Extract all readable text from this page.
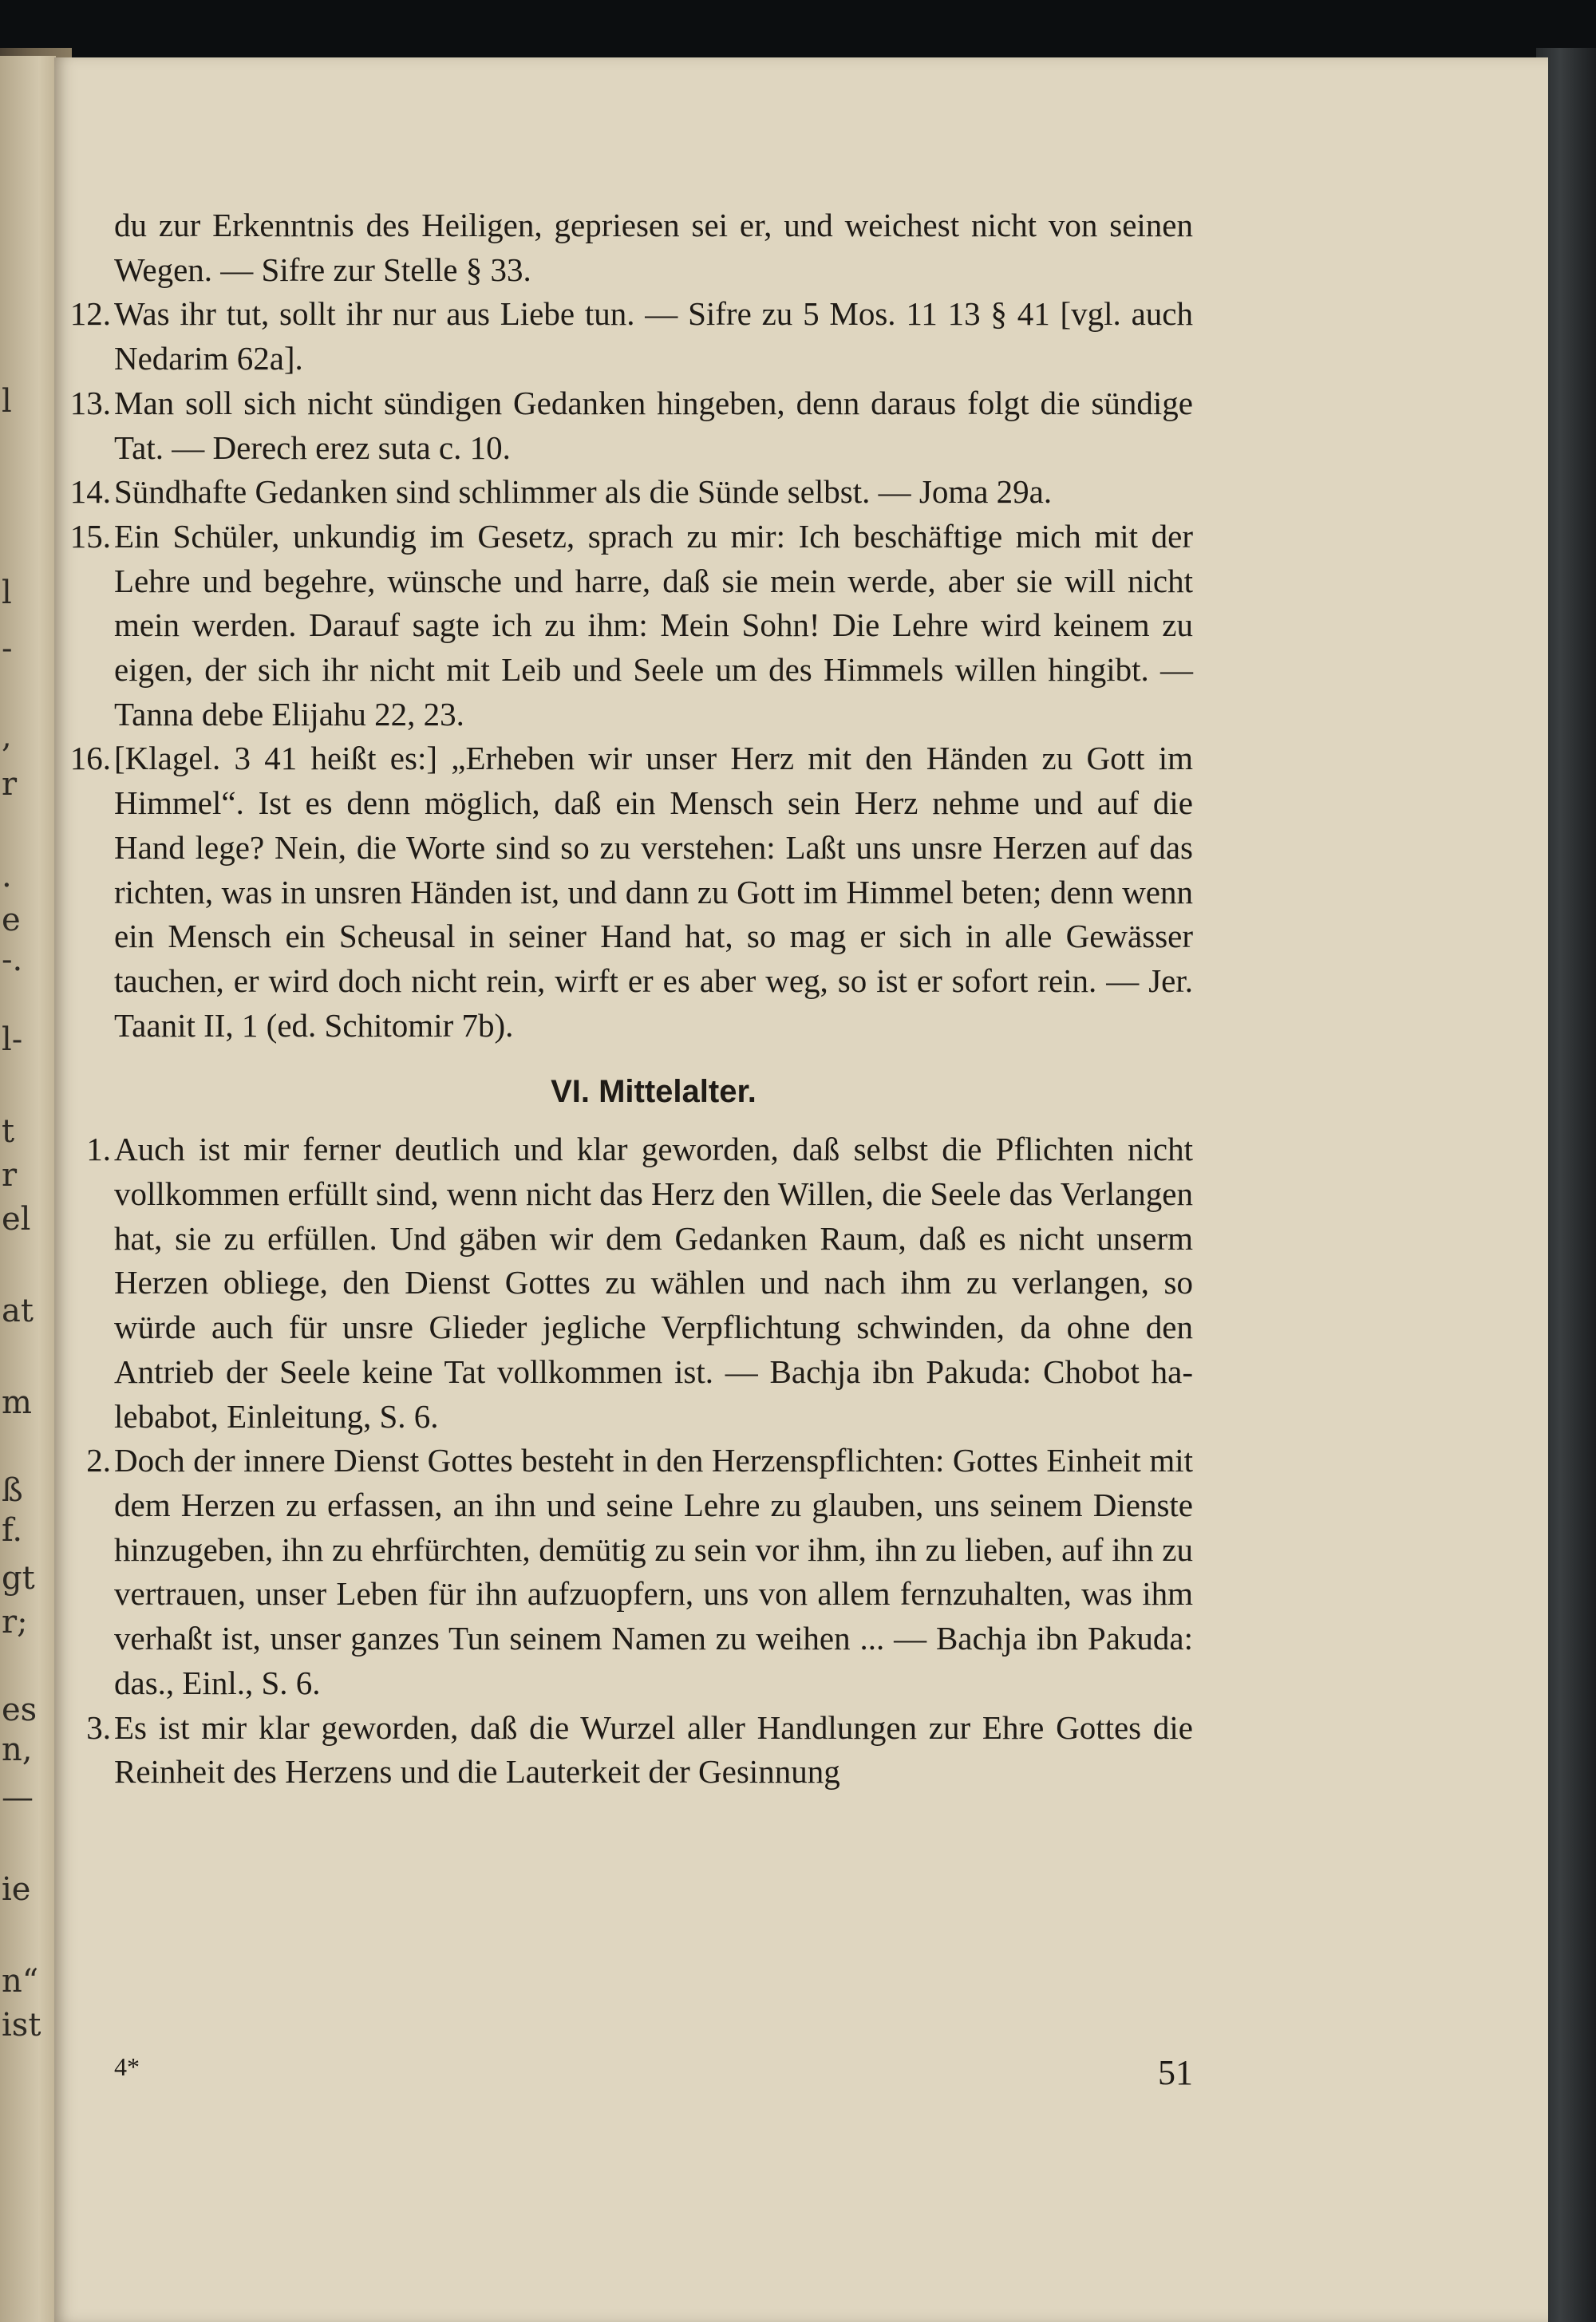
l
l
-
,
r
.
e
-.
l-
t
r
el
at
m
ß
f.
gt
r;
es
n,
—
ie
n“
ist

du zur Erkenntnis des Heiligen, gepriesen sei er, und weichest nicht von seinen Wegen. — Sifre zur Stelle § 33.

12. Was ihr tut, sollt ihr nur aus Liebe tun. — Sifre zu 5 Mos. 11 13 § 41 [vgl. auch Nedarim 62a].

13. Man soll sich nicht sündigen Gedanken hingeben, denn daraus folgt die sündige Tat. — Derech erez suta c. 10.

14. Sündhafte Gedanken sind schlimmer als die Sünde selbst. — Joma 29a.

15. Ein Schüler, unkundig im Gesetz, sprach zu mir: Ich beschäftige mich mit der Lehre und begehre, wünsche und harre, daß sie mein werde, aber sie will nicht mein werden. Darauf sagte ich zu ihm: Mein Sohn! Die Lehre wird keinem zu eigen, der sich ihr nicht mit Leib und Seele um des Himmels willen hingibt. — Tanna debe Elijahu 22, 23.

16. [Klagel. 3 41 heißt es:] „Erheben wir unser Herz mit den Händen zu Gott im Himmel“. Ist es denn möglich, daß ein Mensch sein Herz nehme und auf die Hand lege? Nein, die Worte sind so zu verstehen: Laßt uns unsre Herzen auf das richten, was in unsren Händen ist, und dann zu Gott im Himmel beten; denn wenn ein Mensch ein Scheusal in seiner Hand hat, so mag er sich in alle Gewässer tauchen, er wird doch nicht rein, wirft er es aber weg, so ist er sofort rein. — Jer. Taanit II, 1 (ed. Schitomir 7b).

VI. Mittelalter.

1. Auch ist mir ferner deutlich und klar geworden, daß selbst die Pflichten nicht vollkommen erfüllt sind, wenn nicht das Herz den Willen, die Seele das Verlangen hat, sie zu erfüllen. Und gäben wir dem Gedanken Raum, daß es nicht unserm Herzen obliege, den Dienst Gottes zu wählen und nach ihm zu verlangen, so würde auch für unsre Glieder jegliche Verpflichtung schwinden, da ohne den Antrieb der Seele keine Tat vollkommen ist. — Bachja ibn Pakuda: Chobot ha-lebabot, Einleitung, S. 6.

2. Doch der innere Dienst Gottes besteht in den Herzenspflichten: Gottes Einheit mit dem Herzen zu erfassen, an ihn und seine Lehre zu glauben, uns seinem Dienste hinzugeben, ihn zu ehrfürchten, demütig zu sein vor ihm, ihn zu lieben, auf ihn zu vertrauen, unser Leben für ihn aufzuopfern, uns von allem fernzuhalten, was ihm verhaßt ist, unser ganzes Tun seinem Namen zu weihen ... — Bachja ibn Pakuda: das., Einl., S. 6.

3. Es ist mir klar geworden, daß die Wurzel aller Handlungen zur Ehre Gottes die Reinheit des Herzens und die Lauterkeit der Gesinnung

4*	51
